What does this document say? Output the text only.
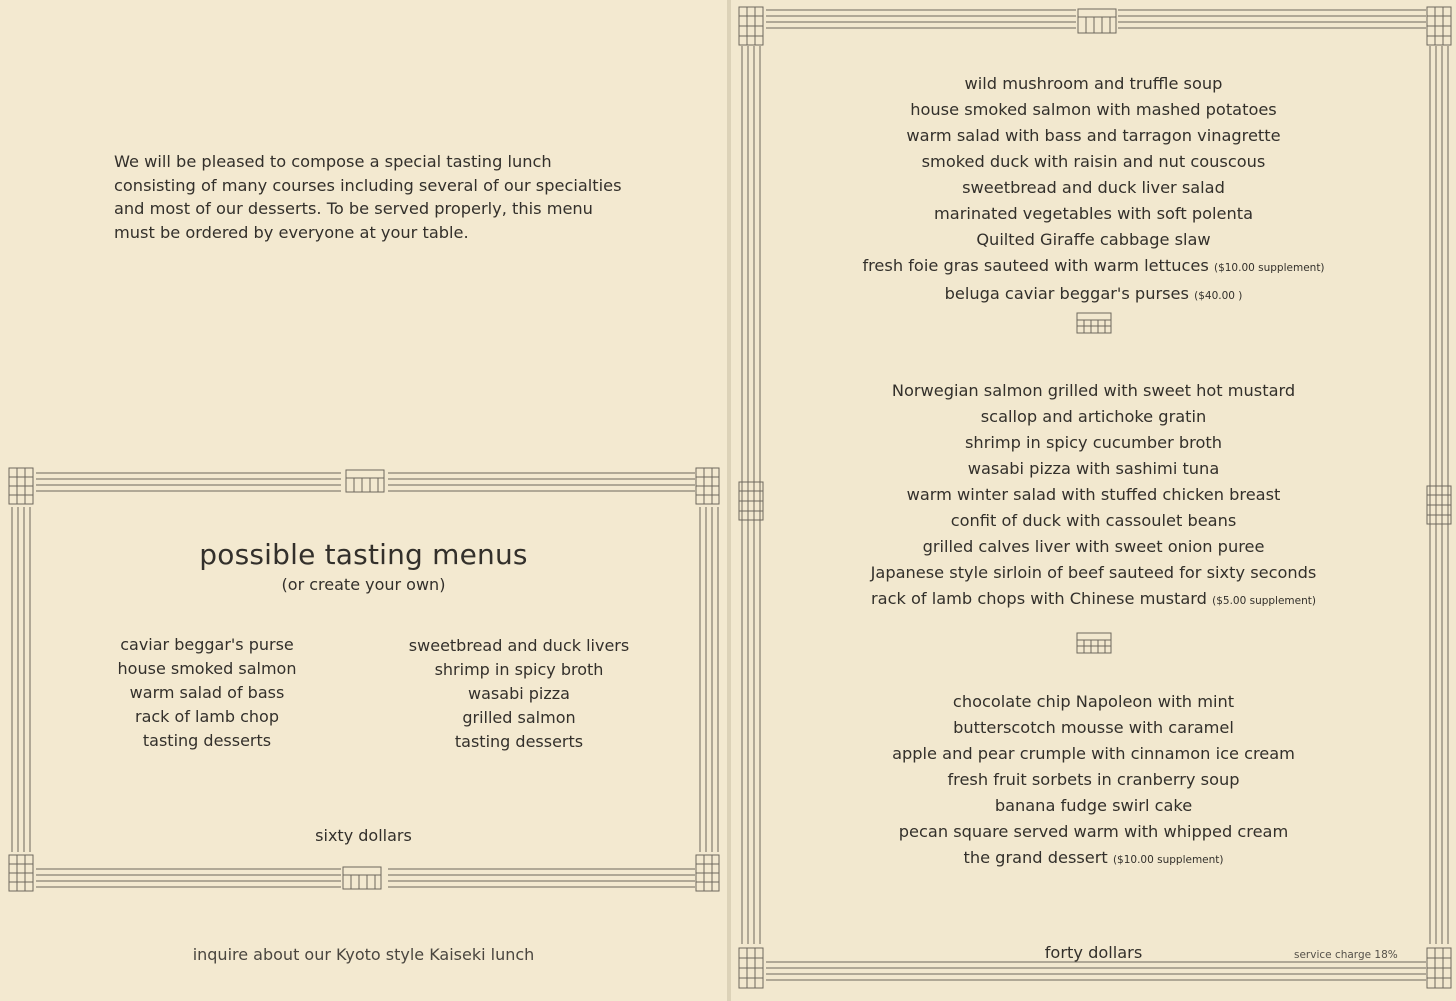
We will be pleased to compose a special tasting lunch consisting of many courses including several of our specialties and most of our desserts. To be served properly, this menu must be ordered by everyone at your table.

possible tasting menus
(or create your own)
caviar beggar's purse
house smoked salmon
warm salad of bass
rack of lamb chop
tasting desserts
sweetbread and duck livers
shrimp in spicy broth
wasabi pizza
grilled salmon
tasting desserts
sixty dollars
inquire about our Kyoto style Kaiseki lunch
wild mushroom and truffle soup
house smoked salmon with mashed potatoes
warm salad with bass and tarragon vinagrette
smoked duck with raisin and nut couscous
sweetbread and duck liver salad
marinated vegetables with soft polenta
Quilted Giraffe cabbage slaw
fresh foie gras sauteed with warm lettuces ($10.00 supplement)
beluga caviar beggar's purses ($40.00 )
Norwegian salmon grilled with sweet hot mustard
scallop and artichoke gratin
shrimp in spicy cucumber broth
wasabi pizza with sashimi tuna
warm winter salad with stuffed chicken breast
confit of duck with cassoulet beans
grilled calves liver with sweet onion puree
Japanese style sirloin of beef sauteed for sixty seconds
rack of lamb chops with Chinese mustard ($5.00 supplement)
chocolate chip Napoleon with mint
butterscotch mousse with caramel
apple and pear crumple with cinnamon ice cream
fresh fruit sorbets in cranberry soup
banana fudge swirl cake
pecan square served warm with whipped cream
the grand dessert ($10.00 supplement)
forty dollars	service charge 18%
